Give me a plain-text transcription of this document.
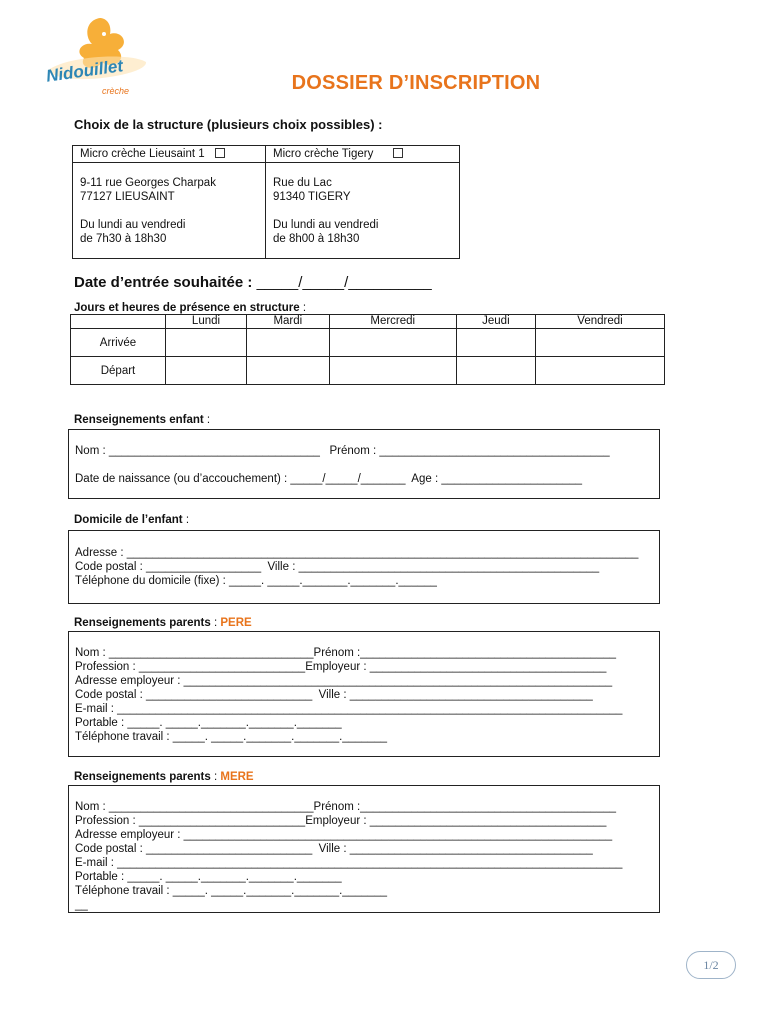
Nidouillet
crèche	DOSSIER D’INSCRIPTION
Choix de la structure (plusieurs choix possibles) :
Micro crèche Lieusaint 1
9-11 rue Georges Charpak
77127 LIEUSAINT
Du lundi au vendredi
de 7h30 à 18h30
Micro crèche Tigery
Rue du Lac
91340 TIGERY
Du lundi au vendredi
de 8h00 à 18h30
Date d’entrée souhaitée : _____/_____/__________
Jours et heures de présence en structure :
	Lundi	Mardi	Mercredi	Jeudi	Vendredi
Arrivée					
Départ					
Renseignements enfant :
Nom : _________________________________   Prénom : ____________________________________
Date de naissance (ou d’accouchement) : _____/_____/_______  Age : ______________________
Domicile de l’enfant :
Adresse : ________________________________________________________________________________
Code postal : __________________  Ville : _______________________________________________
Téléphone du domicile (fixe) : _____. _____._______._______.______
Renseignements parents : PERE
Nom : ________________________________Prénom :________________________________________
Profession : __________________________Employeur : _____________________________________
Adresse employeur : ___________________________________________________________________
Code postal : __________________________  Ville : ______________________________________
E-mail : _______________________________________________________________________________
Portable : _____. _____._______._______._______
Téléphone travail : _____. _____._______._______._______
Renseignements parents : MERE
Nom : ________________________________Prénom :________________________________________
Profession : __________________________Employeur : _____________________________________
Adresse employeur : ___________________________________________________________________
Code postal : __________________________  Ville : ______________________________________
E-mail : _______________________________________________________________________________
Portable : _____. _____._______._______._______
Téléphone travail : _____. _____._______._______._______
__
1/2
